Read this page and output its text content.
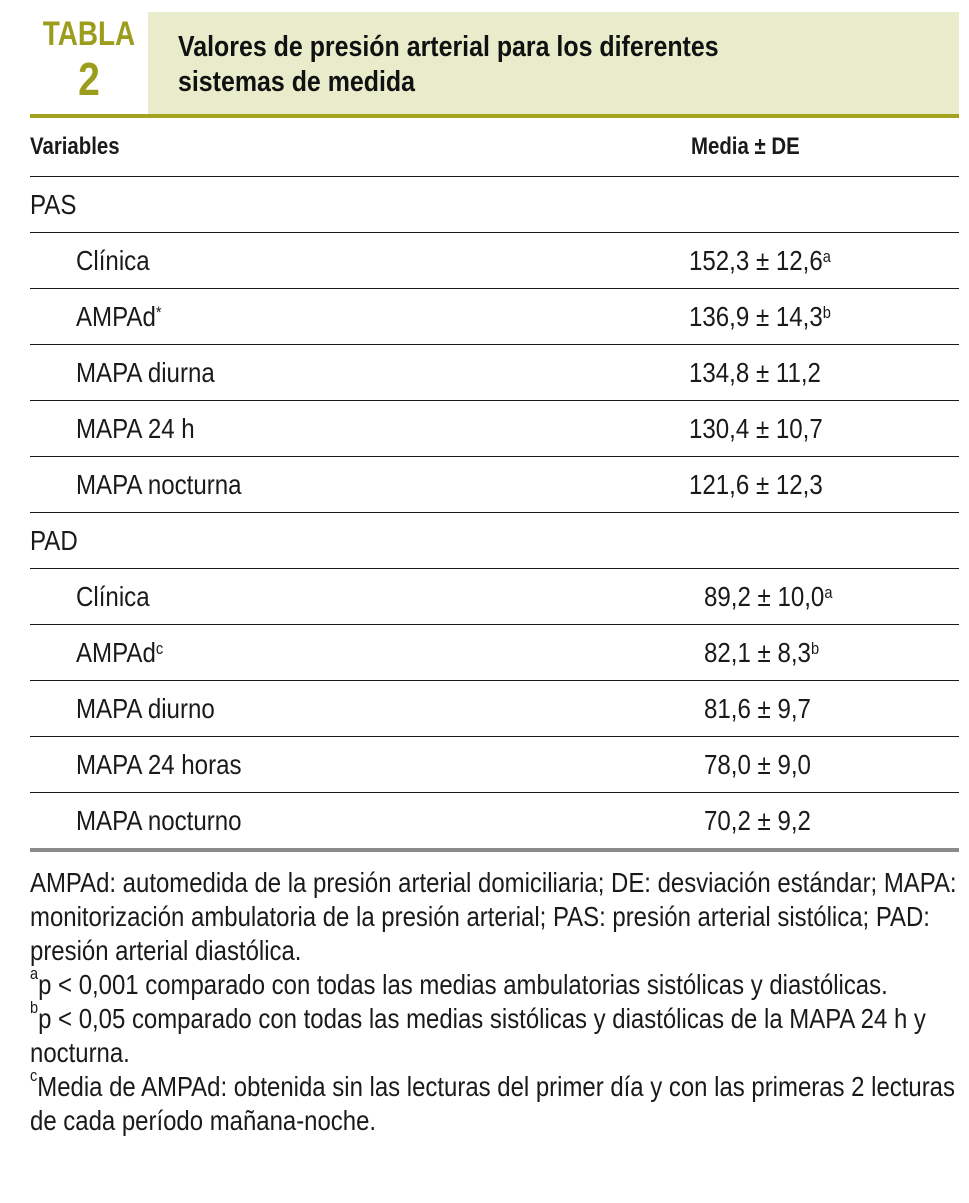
TABLA
2
Valores de presión arterial para los diferentes
sistemas de medida
Variables	Media ± DE
PAS
Clínica	152,3 ± 12,6$^a$
AMPAd*	136,9 ± 14,3$^b$
MAPA diurna	134,8 ± 11,2
MAPA 24 h	130,4 ± 10,7
MAPA nocturna	121,6 ± 12,3
PAD
Clínica	89,2 ± 10,0$^a$
AMPAd$^c$	82,1 ± 8,3$^b$
MAPA diurno	81,6 ± 9,7
MAPA 24 horas	78,0 ± 9,0
MAPA nocturno	70,2 ± 9,2

AMPAd: automedida de la presión arterial domiciliaria; DE: desviación estándar; MAPA: monitorización ambulatoria de la presión arterial; PAS: presión arterial sistólica; PAD: presión arterial diastólica.

$^a$p < 0,001 comparado con todas las medias ambulatorias sistólicas y diastólicas.

$^b$p < 0,05 comparado con todas las medias sistólicas y diastólicas de la MAPA 24 h y nocturna.

$^c$Media de AMPAd: obtenida sin las lecturas del primer día y con las primeras 2 lecturas de cada período mañana-noche.
